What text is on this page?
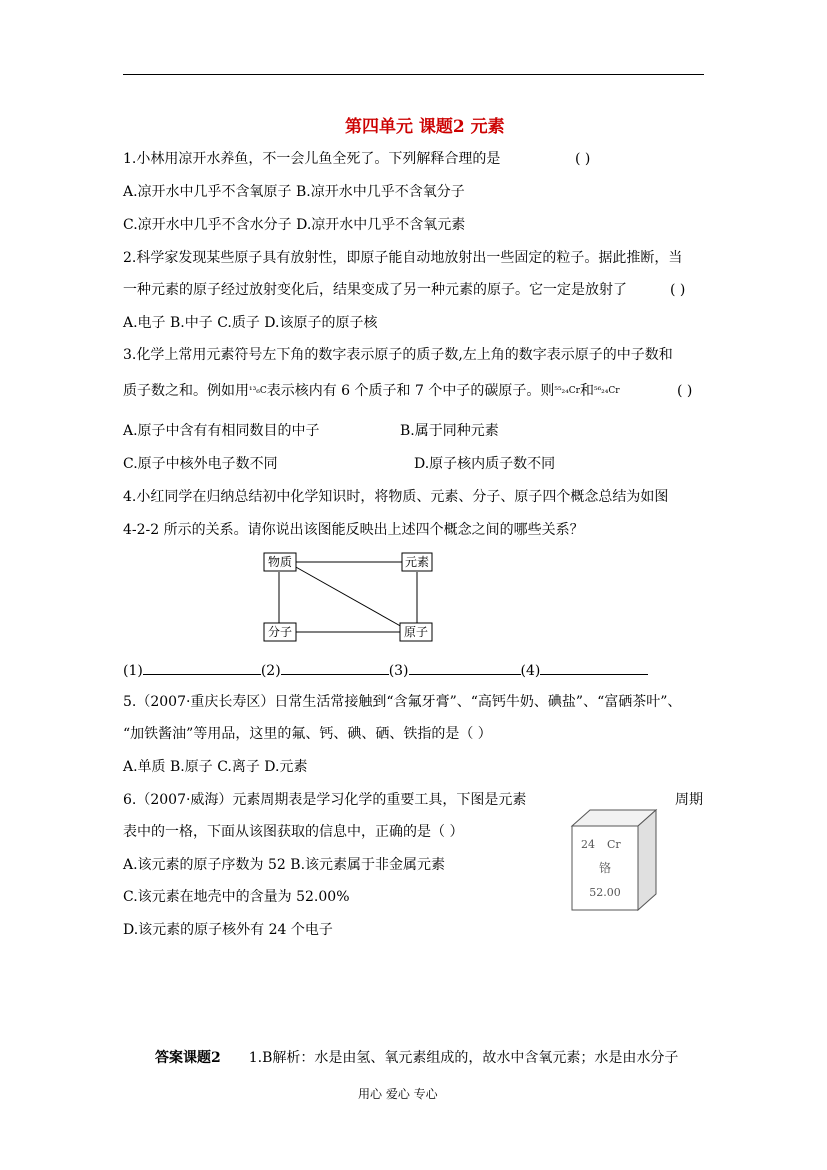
第四单元 课题2 元素
1.小林用凉开水养鱼，不一会儿鱼全死了。下列解释合理的是	( )
A.凉开水中几乎不含氧原子 B.凉开水中几乎不含氧分子
C.凉开水中几乎不含水分子 D.凉开水中几乎不含氧元素
2.科学家发现某些原子具有放射性，即原子能自动地放射出一些固定的粒子。据此推断，当
一种元素的原子经过放射变化后，结果变成了另一种元素的原子。它一定是放射了	( )
A.电子 B.中子 C.质子 D.该原子的原子核
3.化学上常用元素符号左下角的数字表示原子的质子数,左上角的数字表示原子的中子数和
质子数之和。例如用¹³₆C表示核内有 6 个质子和 7 个中子的碳原子。则⁵⁵₂₄Cr和⁵⁶₂₄Cr	( )
A.原子中含有有相同数目的中子	B.属于同种元素
C.原子中核外电子数不同	D.原子核内质子数不同
4.小红同学在归纳总结初中化学知识时，将物质、元素、分子、原子四个概念总结为如图
4-2-2 所示的关系。请你说出该图能反映出上述四个概念之间的哪些关系？
物质	元素
分子	原子
(1)	(2)	(3)	(4)
5.（2007·重庆长寿区）日常生活常接触到“含氟牙膏”、“高钙牛奶、碘盐”、“富硒茶叶”、
“加铁酱油”等用品，这里的氟、钙、碘、硒、铁指的是（ ）
A.单质 B.原子 C.离子 D.元素
6.（2007·威海）元素周期表是学习化学的重要工具，下图是元素	周期
表中的一格，下面从该图获取的信息中，正确的是（ ）
A.该元素的原子序数为 52 B.该元素属于非金属元素
C.该元素在地壳中的含量为 52.00%
D.该元素的原子核外有 24 个电子
24 Cr
铬
52.00
答案课题2 1.B解析：水是由氢、氧元素组成的，故水中含氧元素；水是由水分子
用心 爱心 专心
